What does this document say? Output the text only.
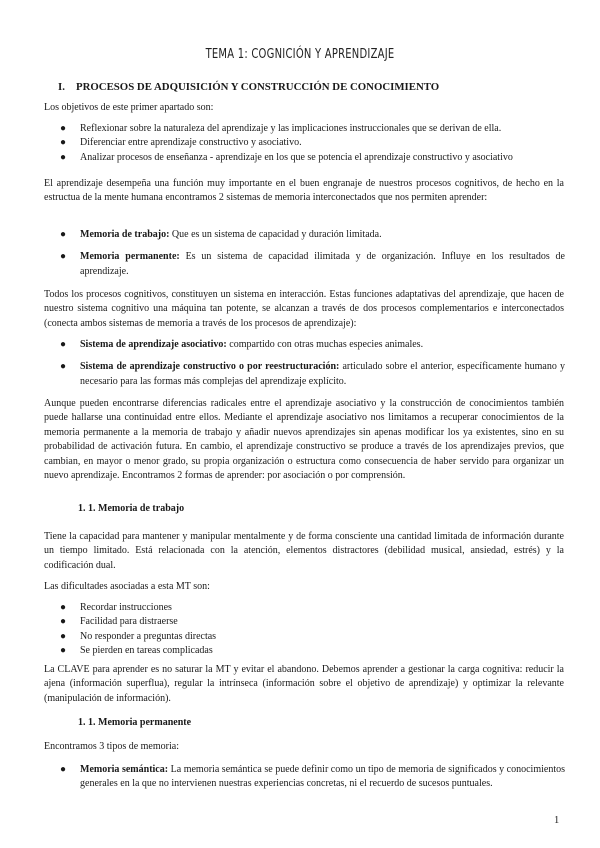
TEMA 1: COGNICIÓN Y APRENDIZAJE
I. PROCESOS DE ADQUISICIÓN Y CONSTRUCCIÓN DE CONOCIMIENTO

Los objetivos de este primer apartado son:

● Reflexionar sobre la naturaleza del aprendizaje y las implicaciones instruccionales que se derivan de ella.
● Diferenciar entre aprendizaje constructivo y asociativo.
● Analizar procesos de enseñanza - aprendizaje en los que se potencia el aprendizaje constructivo y asociativo

El aprendizaje desempeña una función muy importante en el buen engranaje de nuestros procesos cognitivos, de hecho en la estructua de la mente humana encontramos 2 sistemas de memoria interconectados que nos permiten aprender:

● Memoria de trabajo: Que es un sistema de capacidad y duración limitada.
● Memoria permanente: Es un sistema de capacidad ilimitada y de organización. Influye en los resultados de aprendizaje.

Todos los procesos cognitivos, constituyen un sistema en interacción. Estas funciones adaptativas del aprendizaje, que hacen de nuestro sistema cognitivo una máquina tan potente, se alcanzan a través de dos procesos complementarios e interconectados (conecta ambos sistemas de memoria a través de los procesos de aprendizaje):

● Sistema de aprendizaje asociativo: compartido con otras muchas especies animales.
● Sistema de aprendizaje constructivo o por reestructuración: articulado sobre el anterior, específicamente humano y necesario para las formas más complejas del aprendizaje explícito.

Aunque pueden encontrarse diferencias radicales entre el aprendizaje asociativo y la construcción de conocimientos también puede hallarse una continuidad entre ellos. Mediante el aprendizaje asociativo nos limitamos a recuperar conocimientos de la memoria permanente a la memoria de trabajo y añadir nuevos aprendizajes sin apenas modificar los ya existentes, sino en su probabilidad de activación futura. En cambio, el aprendizaje constructivo se produce a través de los aprendizajes previos, que cambian, en mayor o menor grado, su propia organización o estructura como consecuencia de haber servido para organizar un nuevo aprendizaje. Encontramos 2 formas de aprender: por asociación o por comprensión.

1. 1. Memoria de trabajo

Tiene la capacidad para mantener y manipular mentalmente y de forma consciente una cantidad limitada de información durante un tiempo limitado. Está relacionada con la atención, elementos distractores (debilidad musical, ansiedad, estrés) y la codificación dual.

Las dificultades asociadas a esta MT son:

● Recordar instrucciones
● Facilidad para distraerse
● No responder a preguntas directas
● Se pierden en tareas complicadas

La CLAVE para aprender es no saturar la MT y evitar el abandono. Debemos aprender a gestionar la carga cognitiva: reducir la ajena (información superflua), regular la intrínseca (información sobre el objetivo de aprendizaje) y optimizar la relevante (manipulación de información).

1. 1. Memoria permanente

Encontramos 3 tipos de memoria:

● Memoria semántica: La memoria semántica se puede definir como un tipo de memoria de significados y conocimientos generales en la que no intervienen nuestras experiencias concretas, ni el recuerdo de sucesos puntuales.
1
